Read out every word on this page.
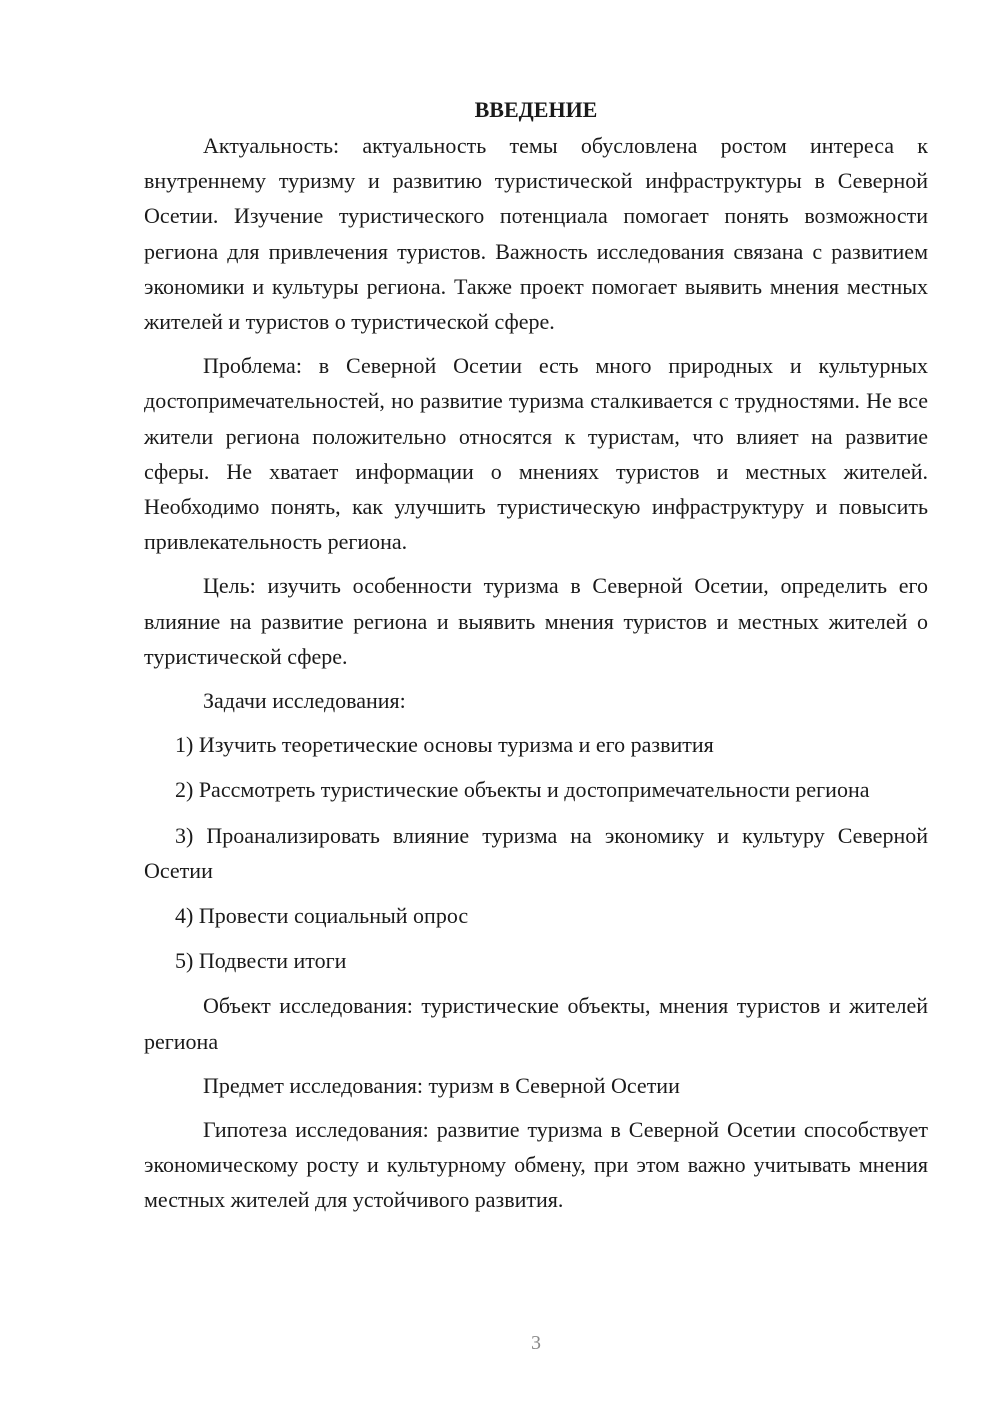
ВВЕДЕНИЕ

Актуальность: актуальность темы обусловлена ростом интереса к внутреннему туризму и развитию туристической инфраструктуры в Северной Осетии. Изучение туристического потенциала помогает понять возможности региона для привлечения туристов. Важность исследования связана с развитием экономики и культуры региона. Также проект помогает выявить мнения местных жителей и туристов о туристической сфере.

Проблема: в Северной Осетии есть много природных и культурных достопримечательностей, но развитие туризма сталкивается с трудностями. Не все жители региона положительно относятся к туристам, что влияет на развитие сферы. Не хватает информации о мнениях туристов и местных жителей. Необходимо понять, как улучшить туристическую инфраструктуру и повысить привлекательность региона.

Цель: изучить особенности туризма в Северной Осетии, определить его влияние на развитие региона и выявить мнения туристов и местных жителей о туристической сфере.

Задачи исследования:

1) Изучить теоретические основы туризма и его развития

2) Рассмотреть туристические объекты и достопримечательности региона

3) Проанализировать влияние туризма на экономику и культуру Северной Осетии

4) Провести социальный опрос

5) Подвести итоги

Объект исследования: туристические объекты, мнения туристов и жителей региона

Предмет исследования: туризм в Северной Осетии

Гипотеза исследования: развитие туризма в Северной Осетии способствует экономическому росту и культурному обмену, при этом важно учитывать мнения местных жителей для устойчивого развития.

3
